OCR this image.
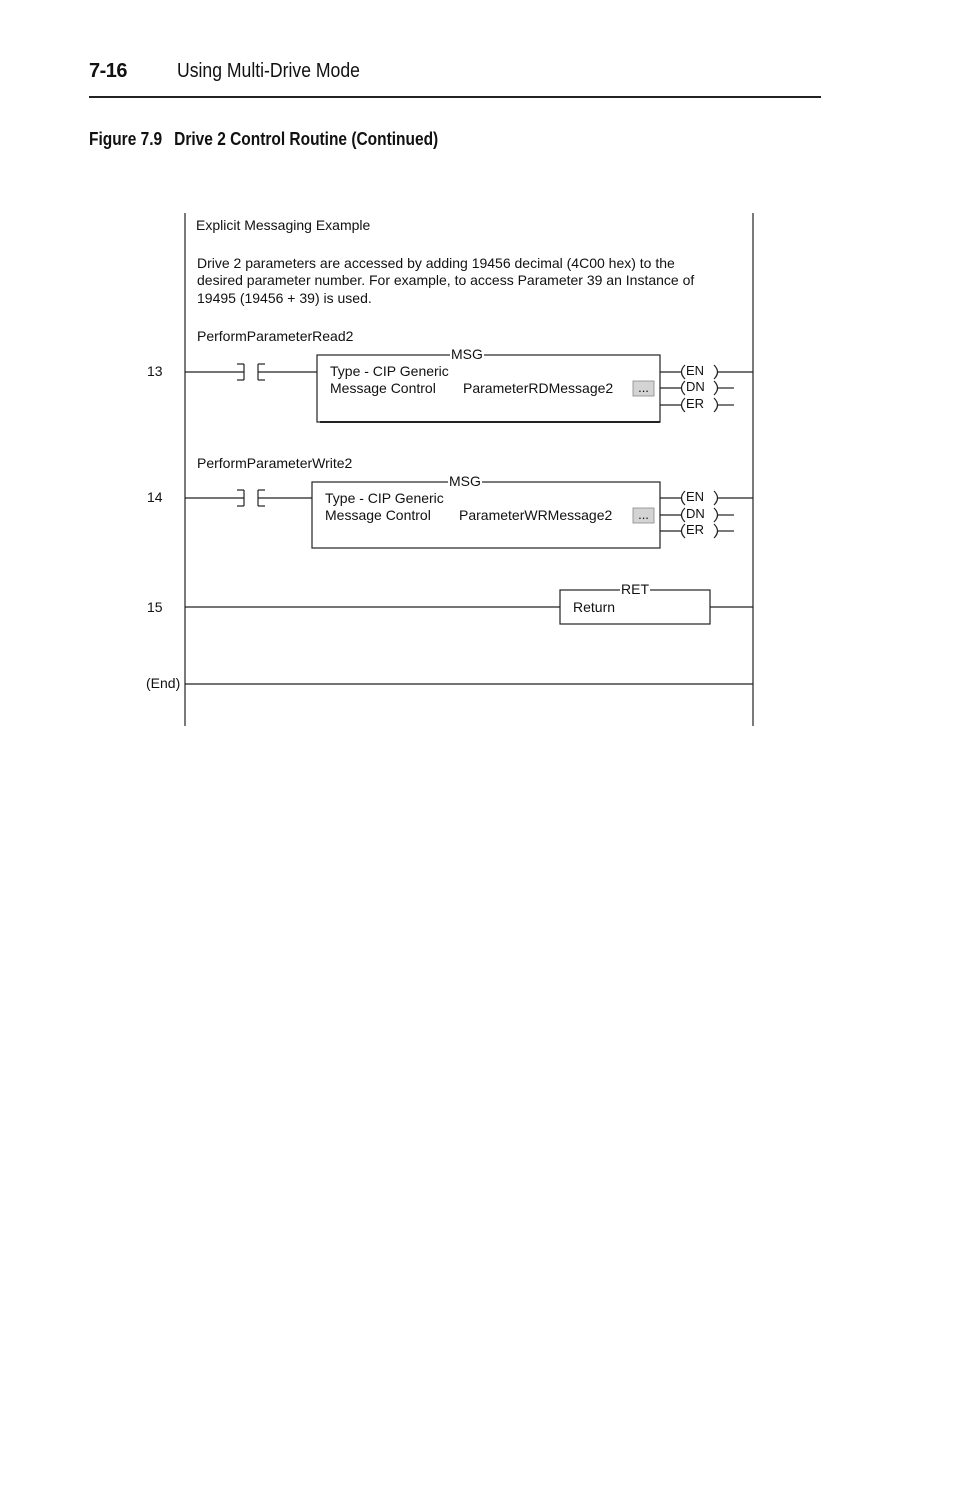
7-16 Using Multi-Drive Mode
Figure 7.9 Drive 2 Control Routine (Continued)
Explicit Messaging Example
Drive 2 parameters are accessed by adding 19456 decimal (4C00 hex) to the
desired parameter number. For example, to access Parameter 39 an Instance of
19495 (19456 + 39) is used.
PerformParameterRead2
13
MSG
Type - CIP Generic
Message Control ParameterRDMessage2	...
EN
DN
ER
PerformParameterWrite2
14
MSG
Type - CIP Generic
Message Control ParameterWRMessage2	...
EN
DN
ER
15
RET
Return
(End)
